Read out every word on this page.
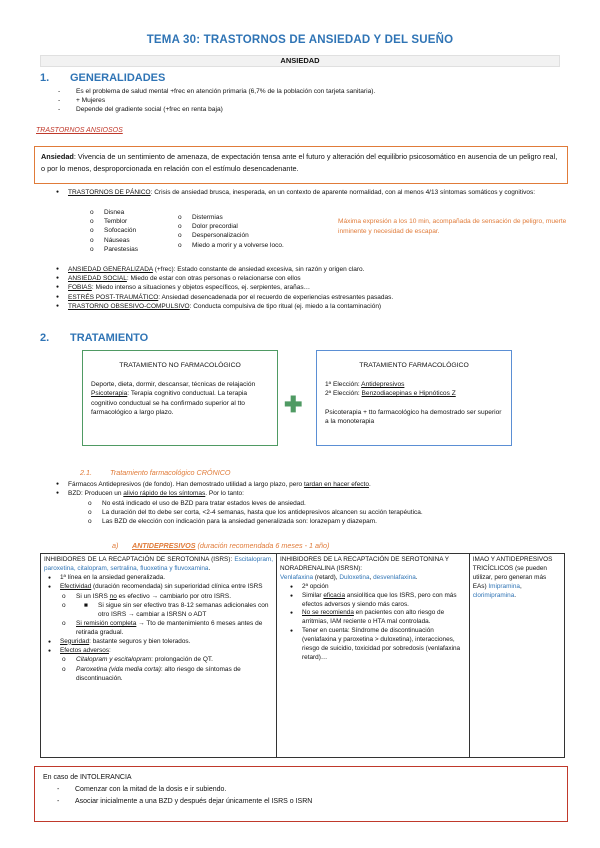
TEMA 30: TRASTORNOS DE ANSIEDAD Y DEL SUEÑO
ANSIEDAD
1. GENERALIDADES
- Es el problema de salud mental +frec en atención primaria (6,7% de la población con tarjeta sanitaria).
- + Mujeres
- Depende del gradiente social (+frec en renta baja)
TRASTORNOS ANSIOSOS
Ansiedad: Vivencia de un sentimiento de amenaza, de expectación tensa ante el futuro y alteración del equilibrio psicosomático en ausencia de un peligro real, o por lo menos, desproporcionada en relación con el estímulo desencadenante.
● TRASTORNOS DE PÁNICO: Crisis de ansiedad brusca, inesperada, en un contexto de aparente normalidad, con al menos 4/13 síntomas somáticos y cognitivos:
o Disnea
o Temblor
o Sofocación
o Náuseas
o Parestesias
o Distermias
o Dolor precordial
o Despersonalización
o Miedo a morir y a volverse loco.
Máxima expresión a los 10 min, acompañada de sensación de peligro, muerte inminente y necesidad de escapar.
● ANSIEDAD GENERALIZADA (+frec): Estado constante de ansiedad excesiva, sin razón y origen claro.
● ANSIEDAD SOCIAL: Miedo de estar con otras personas o relacionarse con ellos
● FOBIAS: Miedo intenso a situaciones y objetos específicos, ej. serpientes, arañas…
● ESTRÉS POST-TRAUMÁTICO: Ansiedad desencadenada por el recuerdo de experiencias estresantes pasadas.
● TRASTORNO OBSESIVO-COMPULSIVO: Conducta compulsiva de tipo ritual (ej. miedo a la contaminación)
2. TRATAMIENTO
TRATAMIENTO NO FARMACOLÓGICO
Deporte, dieta, dormir, descansar, técnicas de relajación
Psicoterapia: Terapia cognitivo conductual. La terapia cognitivo conductual se ha confirmado superior al tto farmacológico a largo plazo.	✚
TRATAMIENTO FARMACOLÓGICO
1ª Elección: Antidepresivos
2ª Elección: Benzodiacepinas e Hipnóticos Z
Psicoterapia + tto farmacológico ha demostrado ser superior a la monoterapia
2.1.	Tratamiento farmacológico CRÓNICO
● Fármacos Antidepresivos (de fondo). Han demostrado utilidad a largo plazo, pero tardan en hacer efecto.
● BZD: Producen un alivio rápido de los síntomas. Por lo tanto:
o No está indicado el uso de BZD para tratar estados leves de ansiedad.
o La duración del tto debe ser corta, <2-4 semanas, hasta que los antidepresivos alcancen su acción terapéutica.
o Las BZD de elección con indicación para la ansiedad generalizada son: lorazepam y diazepam.
a) ANTIDEPRESIVOS (duración recomendada 6 meses - 1 año)
INHIBIDORES DE LA RECAPTACIÓN DE SEROTONINA (ISRS): Escitalopram, paroxetina, citalopram, sertralina, fluoxetina y fluvoxamina.
● 1ª línea en la ansiedad generalizada.
● Efectividad (duración recomendada) sin superioridad clínica entre ISRS
o Si un ISRS no es efectivo → cambiarlo por otro ISRS.
o ■ Si sigue sin ser efectivo tras 8-12 semanas adicionales con otro ISRS → cambiar a ISRSN o ADT
o Si remisión completa → Tto de mantenimiento 6 meses antes de retirada gradual.
● Seguridad: bastante seguros y bien tolerados.
● Efectos adversos:
o Citalopram y escitalopram: prolongación de QT.
o Paroxetina (vida media corta): alto riesgo de síntomas de discontinuación.

INHIBIDORES DE LA RECAPTACIÓN DE SEROTONINA Y NORADRENALINA (ISRSN):
Venlafaxina (retard), Duloxetina, desvenlafaxina.
● 2ª opción
● Similar eficacia ansiolítica que los ISRS, pero con más efectos adversos y siendo más caros.
● No se recomienda en pacientes con alto riesgo de arritmias, IAM reciente o HTA mal controlada.
● Tener en cuenta: Síndrome de discontinuación (venlafaxina y paroxetina > duloxetina), interacciones, riesgo de suicidio, toxicidad por sobredosis (venlafaxina retard)…
	IMAO Y ANTIDEPRESIVOS TRICÍCLICOS (se pueden utilizar, pero generan más EAs) Imipramina, clorimipramina.
En caso de INTOLERANCIA
- Comenzar con la mitad de la dosis e ir subiendo.
- Asociar inicialmente a una BZD y después dejar únicamente el ISRS o ISRN
